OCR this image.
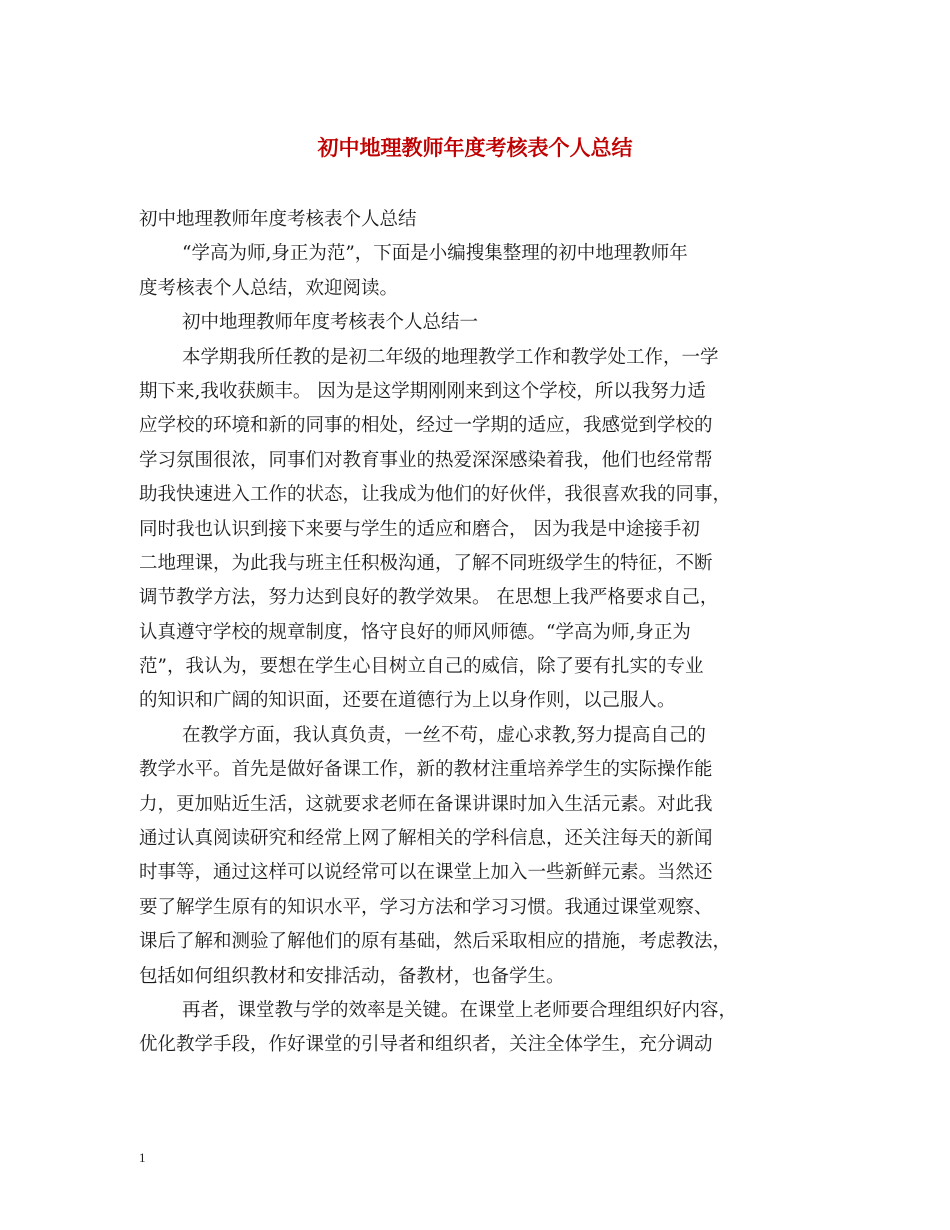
初中地理教师年度考核表个人总结
初中地理教师年度考核表个人总结
“学高为师,身正为范”，下面是小编搜集整理的初中地理教师年
度考核表个人总结，欢迎阅读。
初中地理教师年度考核表个人总结一
本学期我所任教的是初二年级的地理教学工作和教学处工作，一学
期下来,我收获颇丰。 因为是这学期刚刚来到这个学校，所以我努力适
应学校的环境和新的同事的相处，经过一学期的适应，我感觉到学校的
学习氛围很浓，同事们对教育事业的热爱深深感染着我，他们也经常帮
助我快速进入工作的状态，让我成为他们的好伙伴，我很喜欢我的同事，
同时我也认识到接下来要与学生的适应和磨合， 因为我是中途接手初
二地理课，为此我与班主任积极沟通，了解不同班级学生的特征，不断
调节教学方法，努力达到良好的教学效果。 在思想上我严格要求自己，
认真遵守学校的规章制度，恪守良好的师风师德。“学高为师,身正为
范”，我认为，要想在学生心目树立自己的威信，除了要有扎实的专业
的知识和广阔的知识面，还要在道德行为上以身作则，以己服人。
在教学方面，我认真负责，一丝不苟，虚心求教,努力提高自己的
教学水平。首先是做好备课工作，新的教材注重培养学生的实际操作能
力，更加贴近生活，这就要求老师在备课讲课时加入生活元素。对此我
通过认真阅读研究和经常上网了解相关的学科信息，还关注每天的新闻
时事等，通过这样可以说经常可以在课堂上加入一些新鲜元素。当然还
要了解学生原有的知识水平，学习方法和学习习惯。我通过课堂观察、
课后了解和测验了解他们的原有基础，然后采取相应的措施，考虑教法，
包括如何组织教材和安排活动，备教材，也备学生。
再者，课堂教与学的效率是关键。在课堂上老师要合理组织好内容，
优化教学手段，作好课堂的引导者和组织者，关注全体学生，充分调动
1
